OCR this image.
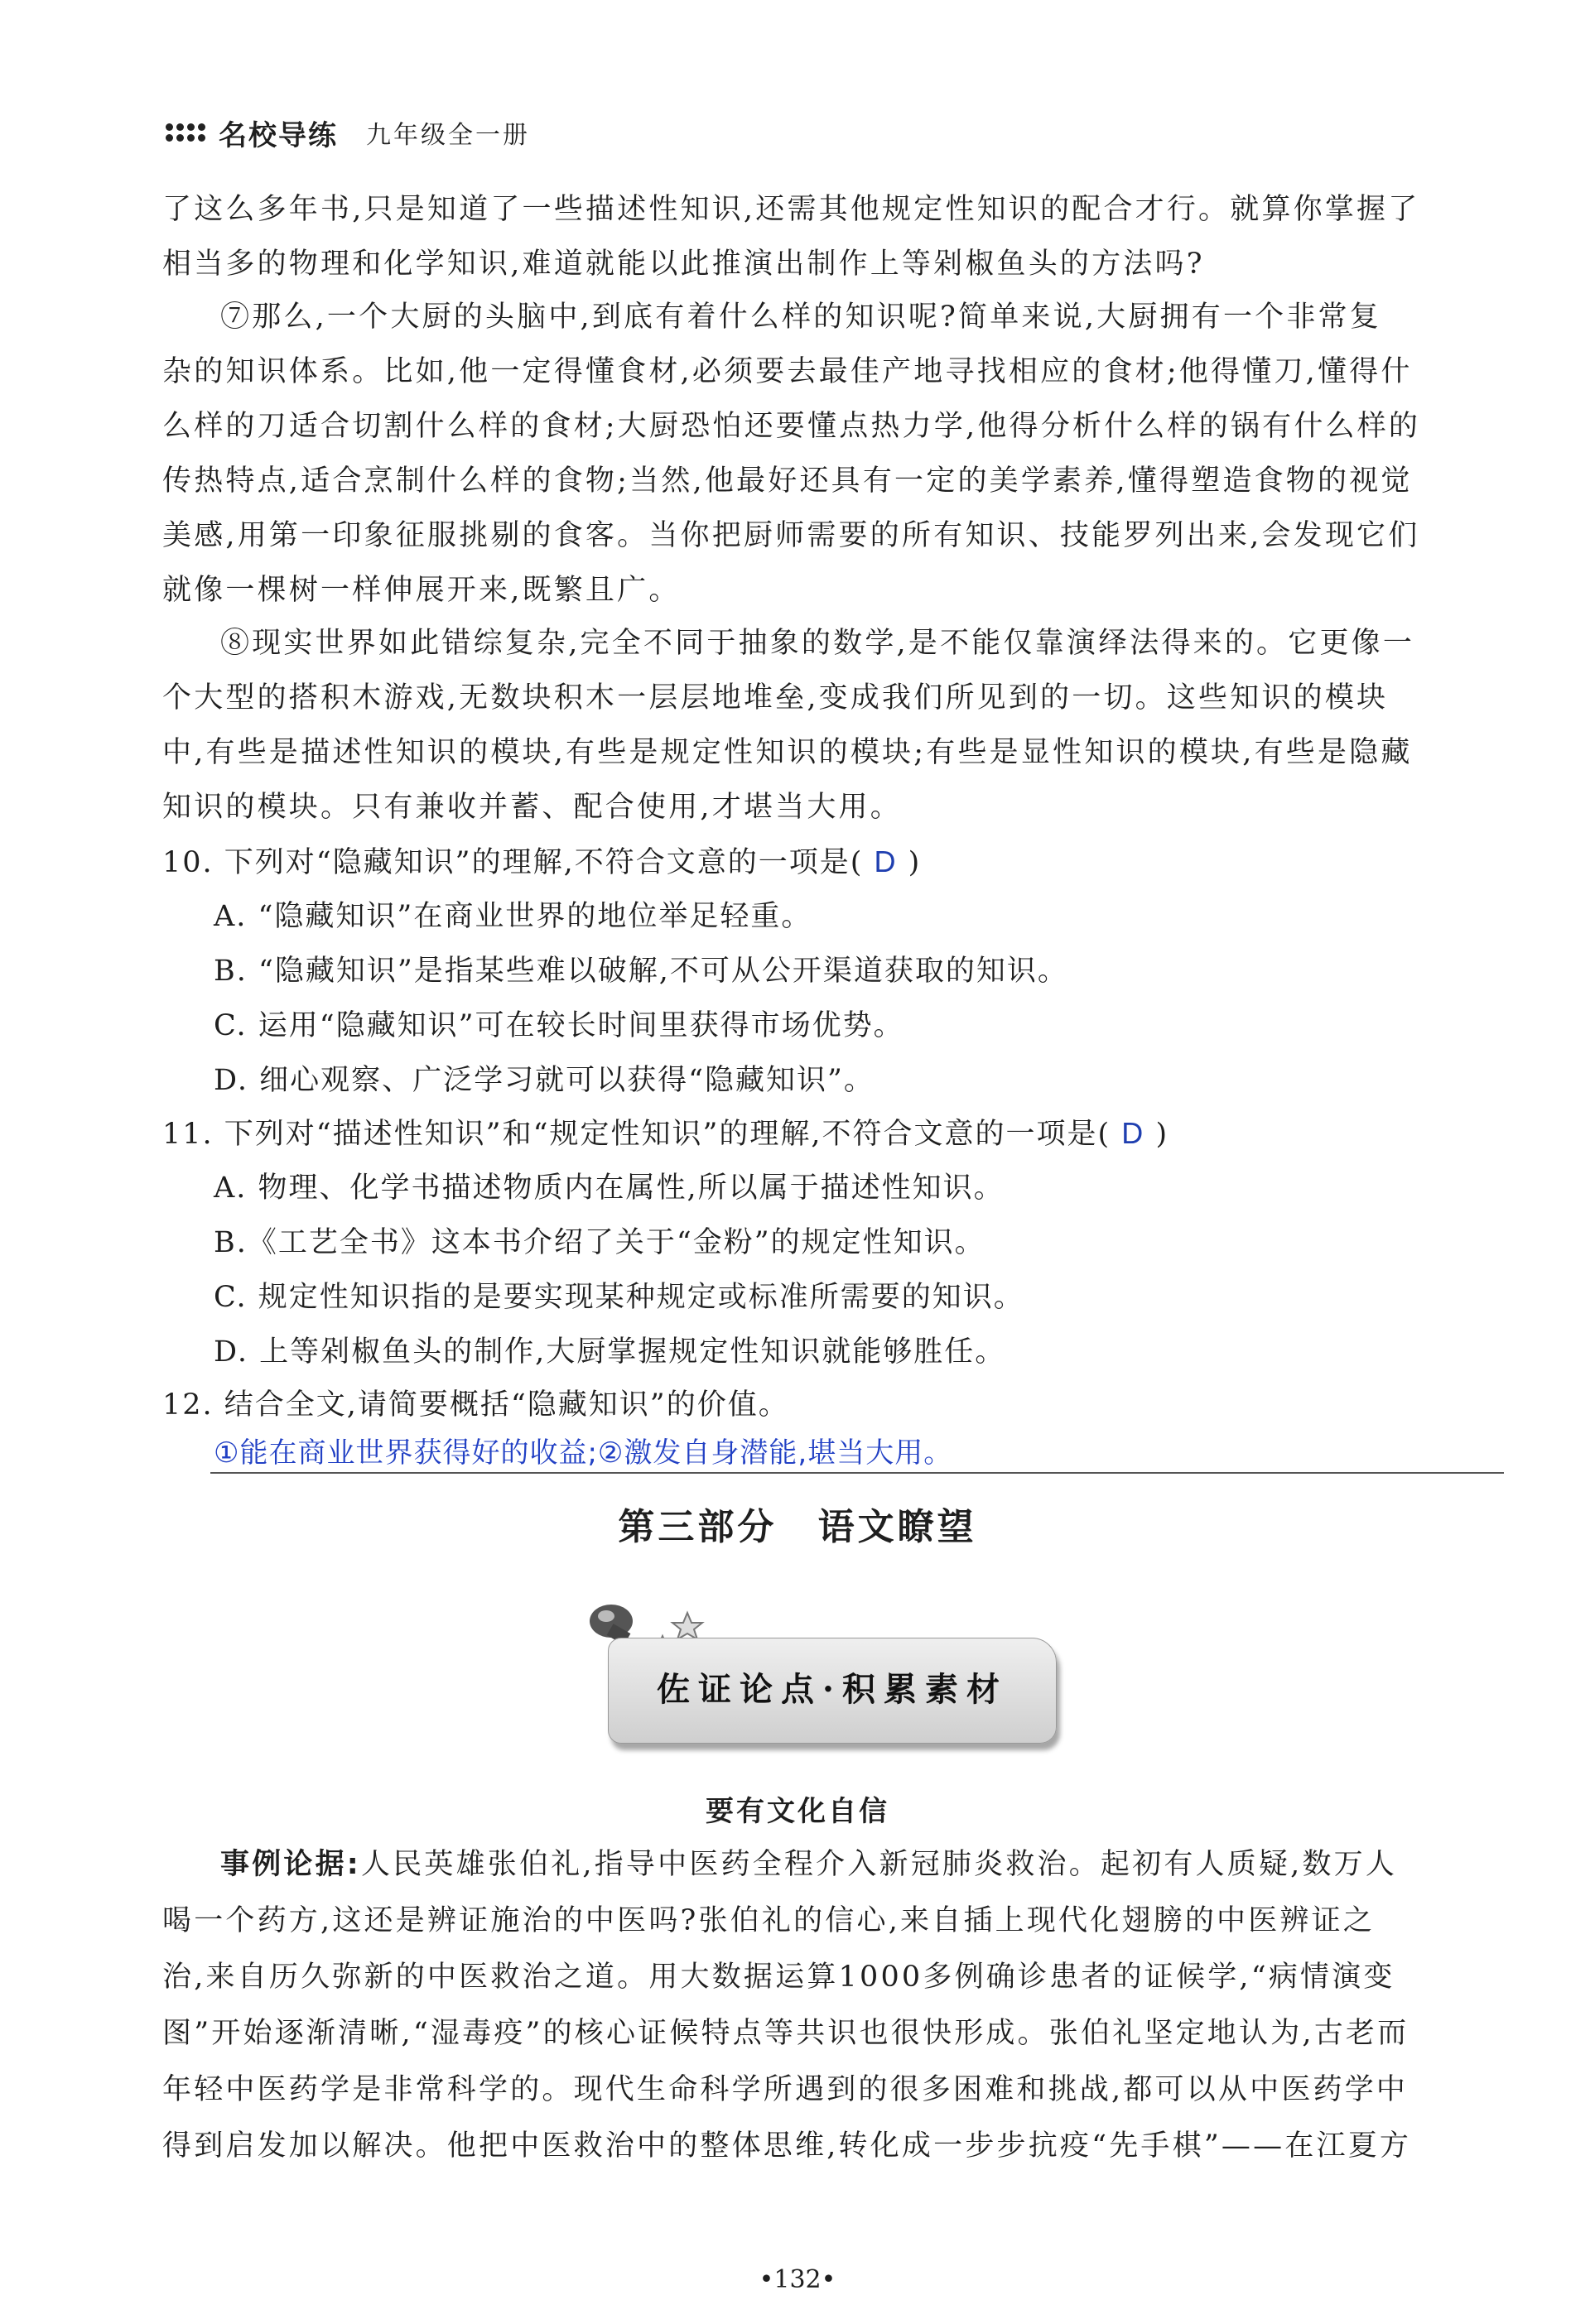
名校导练 九年级全一册
了这么多年书,只是知道了一些描述性知识,还需其他规定性知识的配合才行。就算你掌握了
相当多的物理和化学知识,难道就能以此推演出制作上等剁椒鱼头的方法吗?
⑦那么,一个大厨的头脑中,到底有着什么样的知识呢?简单来说,大厨拥有一个非常复
杂的知识体系。比如,他一定得懂食材,必须要去最佳产地寻找相应的食材;他得懂刀,懂得什
么样的刀适合切割什么样的食材;大厨恐怕还要懂点热力学,他得分析什么样的锅有什么样的
传热特点,适合烹制什么样的食物;当然,他最好还具有一定的美学素养,懂得塑造食物的视觉
美感,用第一印象征服挑剔的食客。当你把厨师需要的所有知识、技能罗列出来,会发现它们
就像一棵树一样伸展开来,既繁且广。
⑧现实世界如此错综复杂,完全不同于抽象的数学,是不能仅靠演绎法得来的。它更像一
个大型的搭积木游戏,无数块积木一层层地堆垒,变成我们所见到的一切。这些知识的模块
中,有些是描述性知识的模块,有些是规定性知识的模块;有些是显性知识的模块,有些是隐藏
知识的模块。只有兼收并蓄、配合使用,才堪当大用。
10. 下列对“隐藏知识”的理解,不符合文意的一项是( D )
A. “隐藏知识”在商业世界的地位举足轻重。
B. “隐藏知识”是指某些难以破解,不可从公开渠道获取的知识。
C. 运用“隐藏知识”可在较长时间里获得市场优势。
D. 细心观察、广泛学习就可以获得“隐藏知识”。
11. 下列对“描述性知识”和“规定性知识”的理解,不符合文意的一项是( D )
A. 物理、化学书描述物质内在属性,所以属于描述性知识。
B.《工艺全书》这本书介绍了关于“金粉”的规定性知识。
C. 规定性知识指的是要实现某种规定或标准所需要的知识。
D. 上等剁椒鱼头的制作,大厨掌握规定性知识就能够胜任。
12. 结合全文,请简要概括“隐藏知识”的价值。
①能在商业世界获得好的收益;②激发自身潜能,堪当大用。
第三部分 语文瞭望
佐证论点·积累素材
要有文化自信
事例论据:人民英雄张伯礼,指导中医药全程介入新冠肺炎救治。起初有人质疑,数万人
喝一个药方,这还是辨证施治的中医吗?张伯礼的信心,来自插上现代化翅膀的中医辨证之
治,来自历久弥新的中医救治之道。用大数据运算1000多例确诊患者的证候学,“病情演变
图”开始逐渐清晰,“湿毒疫”的核心证候特点等共识也很快形成。张伯礼坚定地认为,古老而
年轻中医药学是非常科学的。现代生命科学所遇到的很多困难和挑战,都可以从中医药学中
得到启发加以解决。他把中医救治中的整体思维,转化成一步步抗疫“先手棋”——在江夏方
•132•
